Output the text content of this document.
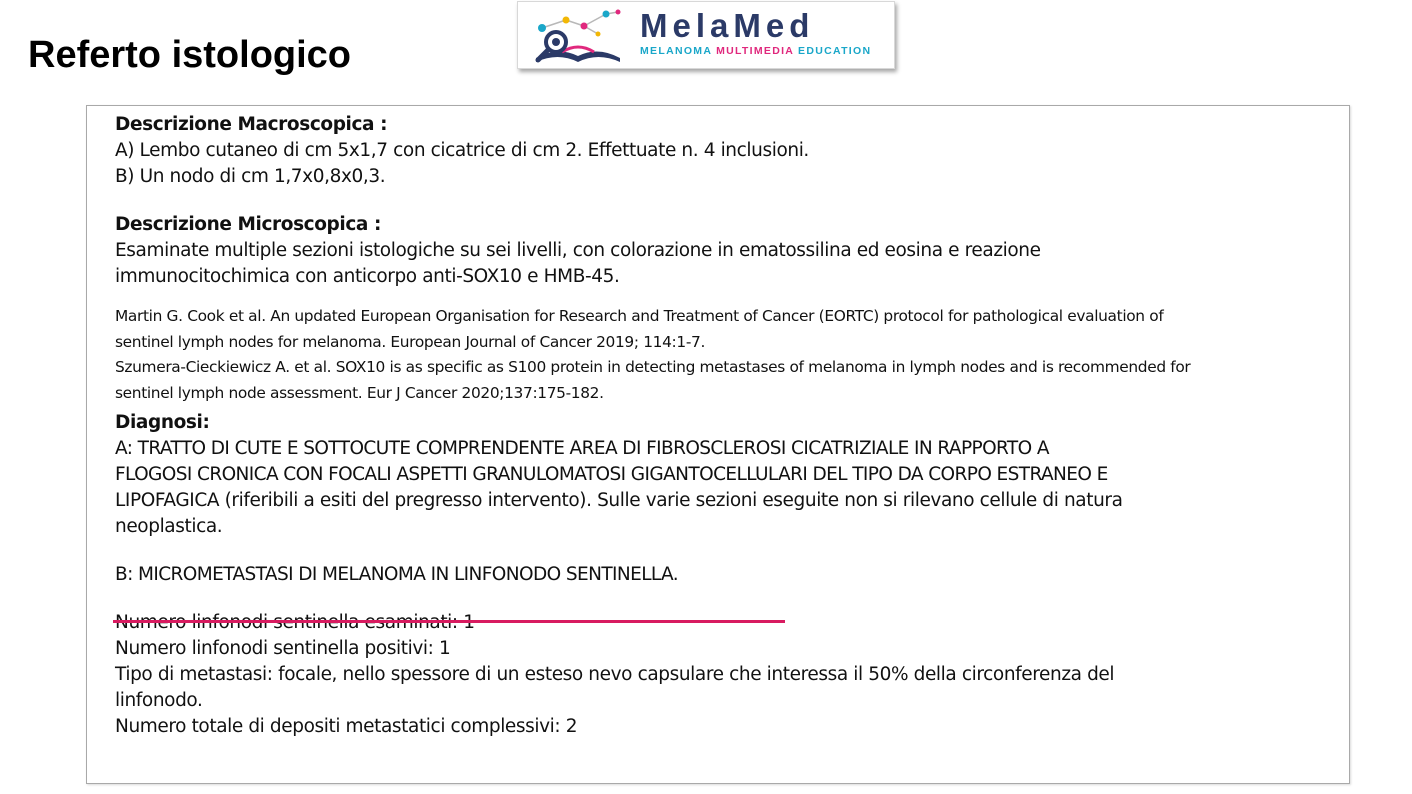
Referto istologico
MelaMed
MELANOMA MULTIMEDIA EDUCATION

Descrizione Macroscopica :

A) Lembo cutaneo di cm 5x1,7 con cicatrice di cm 2. Effettuate n. 4 inclusioni.

B) Un nodo di cm 1,7x0,8x0,3.

Descrizione Microscopica :

Esaminate multiple sezioni istologiche su sei livelli, con colorazione in ematossilina ed eosina e reazione

immunocitochimica con anticorpo anti-SOX10 e HMB-45.

Martin G. Cook et al. An updated European Organisation for Research and Treatment of Cancer (EORTC) protocol for pathological evaluation of

sentinel lymph nodes for melanoma. European Journal of Cancer 2019; 114:1-7.

Szumera-Cieckiewicz A. et al. SOX10 is as specific as S100 protein in detecting metastases of melanoma in lymph nodes and is recommended for

sentinel lymph node assessment. Eur J Cancer 2020;137:175-182.

Diagnosi:

A: TRATTO DI CUTE E SOTTOCUTE COMPRENDENTE AREA DI FIBROSCLEROSI CICATRIZIALE IN RAPPORTO A

FLOGOSI CRONICA CON FOCALI ASPETTI GRANULOMATOSI GIGANTOCELLULARI DEL TIPO DA CORPO ESTRANEO E

LIPOFAGICA (riferibili a esiti del pregresso intervento). Sulle varie sezioni eseguite non si rilevano cellule di natura

neoplastica.

B: MICROMETASTASI DI MELANOMA IN LINFONODO SENTINELLA.

Numero linfonodi sentinella positivi: 1

Tipo di metastasi: focale, nello spessore di un esteso nevo capsulare che interessa il 50% della circonferenza del

linfonodo.

Numero totale di depositi metastatici complessivi: 2
